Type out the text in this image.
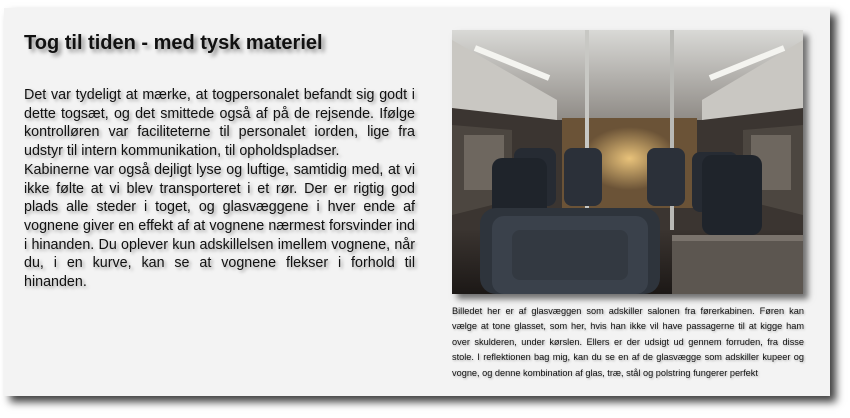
Tog til tiden - med tysk materiel

Det var tydeligt at mærke, at togpersonalet befandt sig godt i dette togsæt, og det smittede også af på de rejsende. Ifølge kontrolløren var faciliteterne til personalet iorden, lige fra udstyr til intern kommunikation, til opholdspladser.

Kabinerne var også dejligt lyse og luftige, samtidig med, at vi ikke følte at vi blev transporteret i et rør. Der er rigtig god plads alle steder i toget, og glasvæggene i hver ende af vognene giver en effekt af at vognene nærmest forsvinder ind i hinanden. Du oplever kun adskillelsen imellem vognene, når du, i en kurve, kan se at vognene flekser i forhold til hinanden.

Billedet her er af glasvæggen som adskiller salonen fra førerkabinen. Føren kan vælge at tone glasset, som her, hvis han ikke vil have passagerne til at kigge ham over skulderen, under kørslen. Ellers er der udsigt ud gennem forruden, fra disse stole. I reflektionen bag mig, kan du se en af de glasvægge som adskiller kupeer og vogne, og denne kombination af glas, træ, stål og polstring fungerer perfekt
